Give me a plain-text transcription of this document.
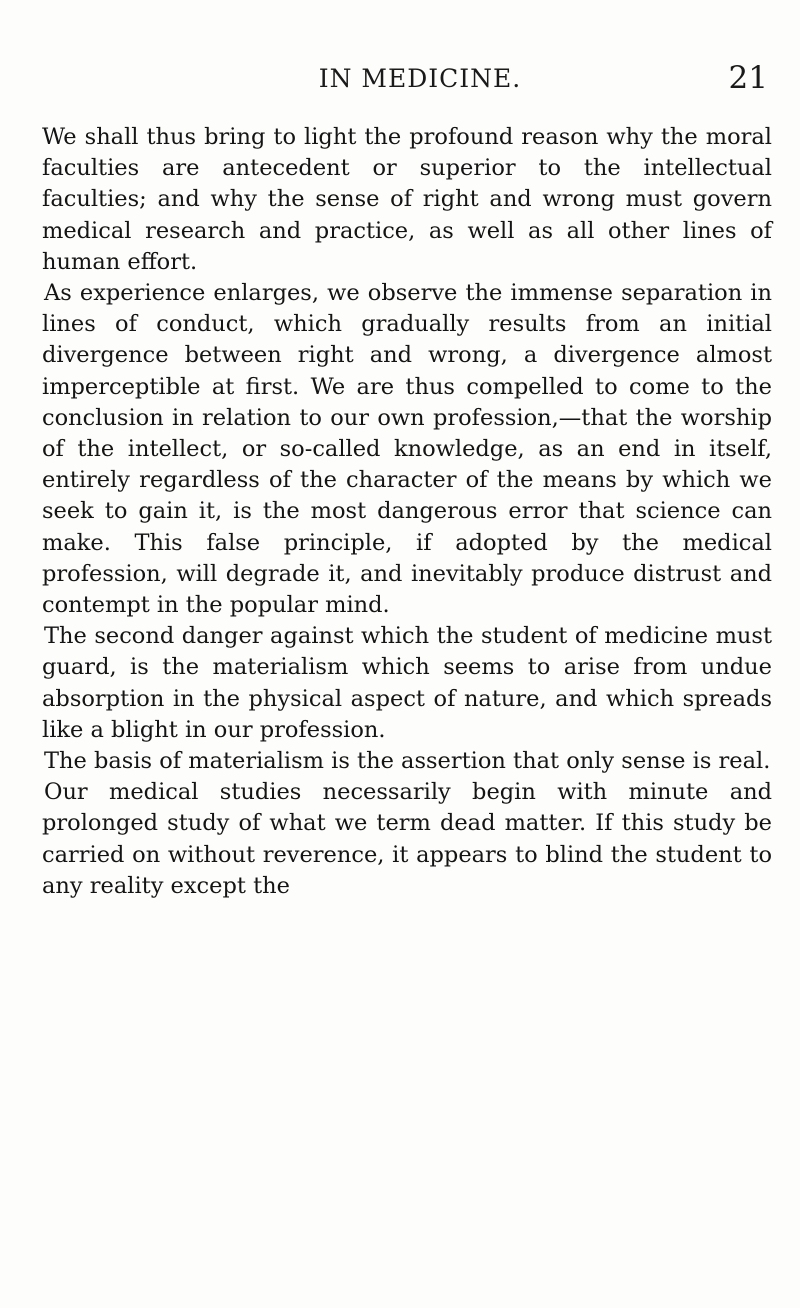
IN MEDICINE.	21

We shall thus bring to light the profound reason why the moral faculties are antecedent or superior to the intellectual faculties; and why the sense of right and wrong must govern medical research and practice, as well as all other lines of human effort.

As experience enlarges, we observe the immense separation in lines of conduct, which gradually results from an initial divergence between right and wrong, a divergence almost imperceptible at first. We are thus compelled to come to the conclusion in relation to our own profession,—that the worship of the intellect, or so-called knowledge, as an end in itself, entirely regardless of the character of the means by which we seek to gain it, is the most dangerous error that science can make. This false principle, if adopted by the medical profession, will degrade it, and inevitably produce distrust and contempt in the popular mind.

The second danger against which the student of medicine must guard, is the materialism which seems to arise from undue absorption in the physical aspect of nature, and which spreads like a blight in our profession.

The basis of materialism is the assertion that only sense is real.

Our medical studies necessarily begin with minute and prolonged study of what we term dead matter. If this study be carried on without reverence, it appears to blind the student to any reality except the
